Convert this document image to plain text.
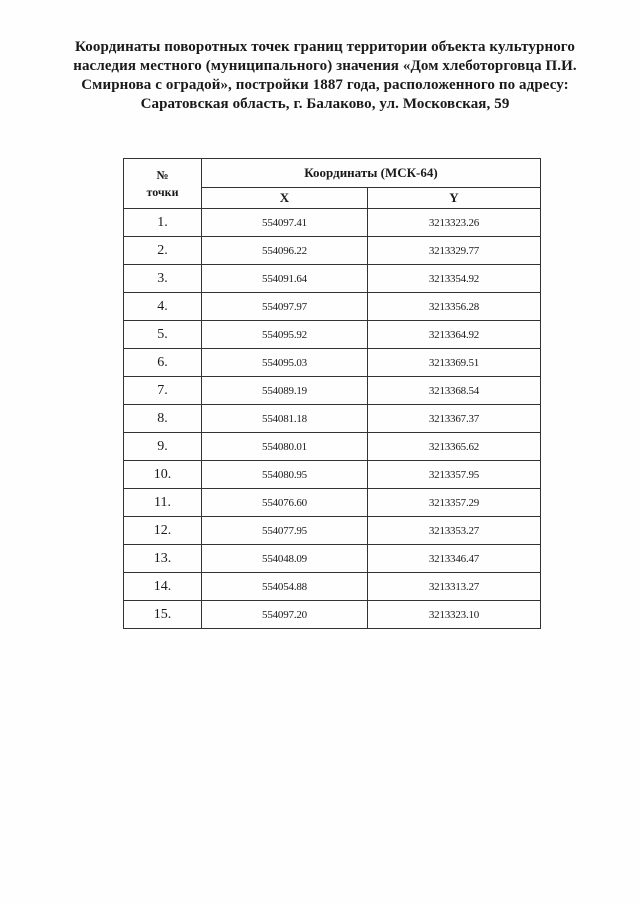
Координаты поворотных точек границ территории объекта культурного
наследия местного (муниципального) значения «Дом хлеботорговца П.И.
Смирнова с оградой», постройки 1887 года, расположенного по адресу:
Саратовская область, г. Балаково, ул. Московская, 59
№
точки	Координаты (МСК-64)	
	X	Y
1.	554097.41	3213323.26
2.	554096.22	3213329.77
3.	554091.64	3213354.92
4.	554097.97	3213356.28
5.	554095.92	3213364.92
6.	554095.03	3213369.51
7.	554089.19	3213368.54
8.	554081.18	3213367.37
9.	554080.01	3213365.62
10.	554080.95	3213357.95
11.	554076.60	3213357.29
12.	554077.95	3213353.27
13.	554048.09	3213346.47
14.	554054.88	3213313.27
15.	554097.20	3213323.10
